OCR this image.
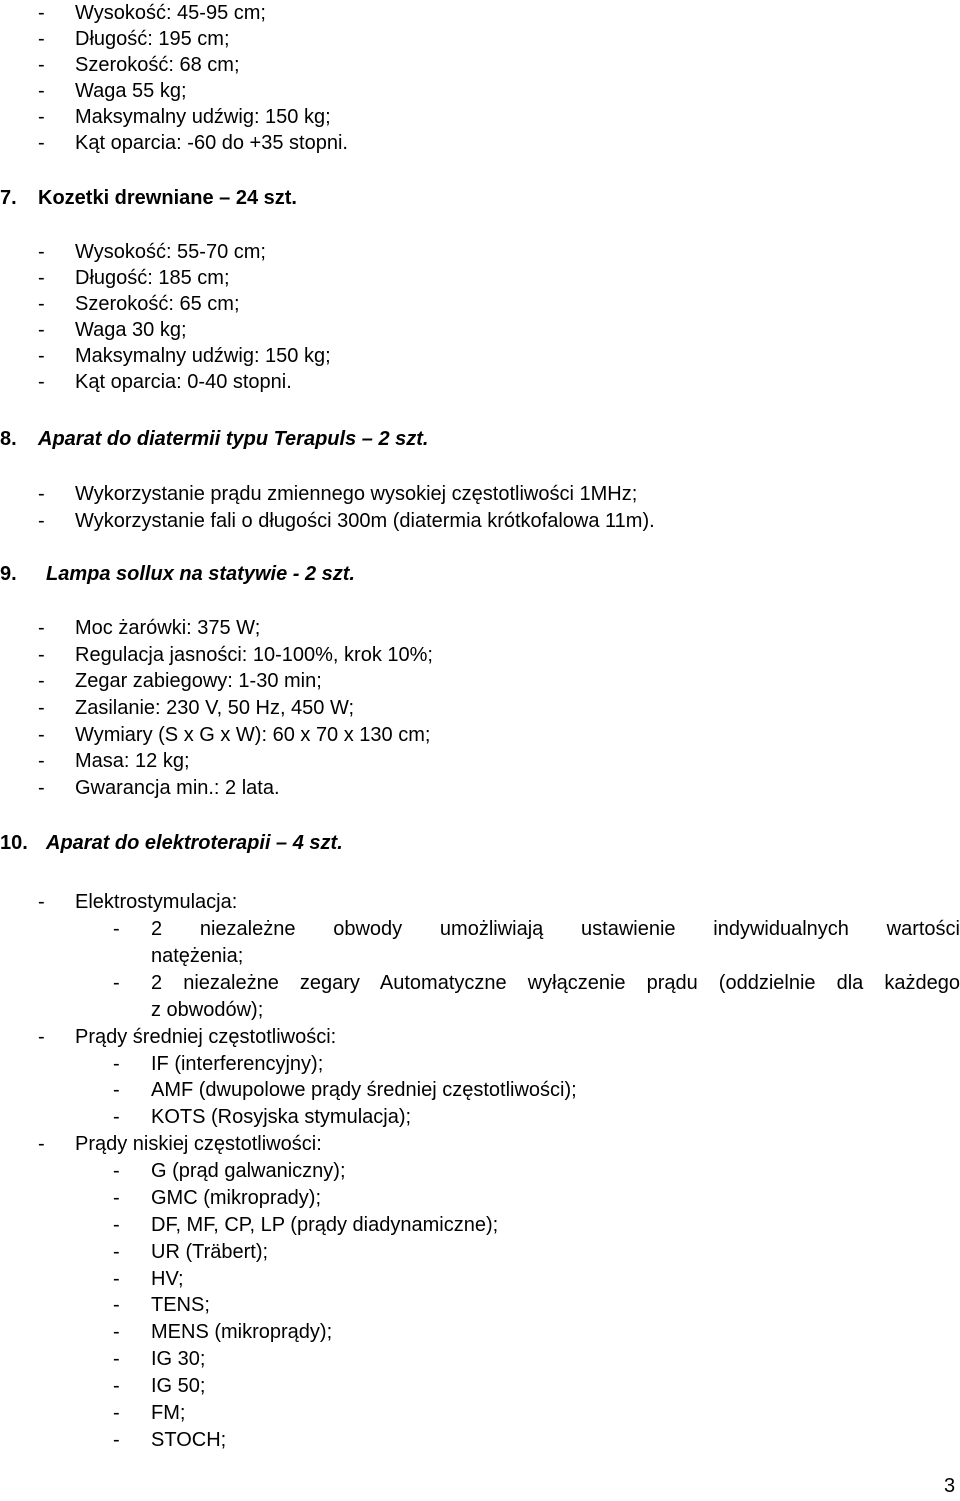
- Wysokość: 45-95 cm;
- Długość: 195 cm;
- Szerokość: 68 cm;
- Waga 55 kg;
- Maksymalny udźwig: 150 kg;
- Kąt oparcia: -60 do +35 stopni.
7. Kozetki drewniane – 24 szt.
- Wysokość: 55-70 cm;
- Długość: 185 cm;
- Szerokość: 65 cm;
- Waga 30 kg;
- Maksymalny udźwig: 150 kg;
- Kąt oparcia: 0-40 stopni.
8. Aparat do diatermii typu Terapuls – 2 szt.
- Wykorzystanie prądu zmiennego wysokiej częstotliwości 1MHz;
- Wykorzystanie fali o długości 300m (diatermia krótkofalowa 11m).
9. Lampa sollux na statywie - 2 szt.
- Moc żarówki: 375 W;
- Regulacja jasności: 10-100%, krok 10%;
- Zegar zabiegowy: 1-30 min;
- Zasilanie: 230 V, 50 Hz, 450 W;
- Wymiary (S x G x W): 60 x 70 x 130 cm;
- Masa: 12 kg;
- Gwarancja min.: 2 lata.
10. Aparat do elektroterapii – 4 szt.
- Elektrostymulacja:
- 2 niezależne obwody umożliwiają ustawienie indywidualnych wartości
natężenia;
- 2 niezależne zegary Automatyczne wyłączenie prądu (oddzielnie dla każdego
z obwodów);
- Prądy średniej częstotliwości:
- IF (interferencyjny);
- AMF (dwupolowe prądy średniej częstotliwości);
- KOTS (Rosyjska stymulacja);
- Prądy niskiej częstotliwości:
- G (prąd galwaniczny);
- GMC (mikroprady);
- DF, MF, CP, LP (prądy diadynamiczne);
- UR (Träbert);
- HV;
- TENS;
- MENS (mikroprądy);
- IG 30;
- IG 50;
- FM;
- STOCH;
3
